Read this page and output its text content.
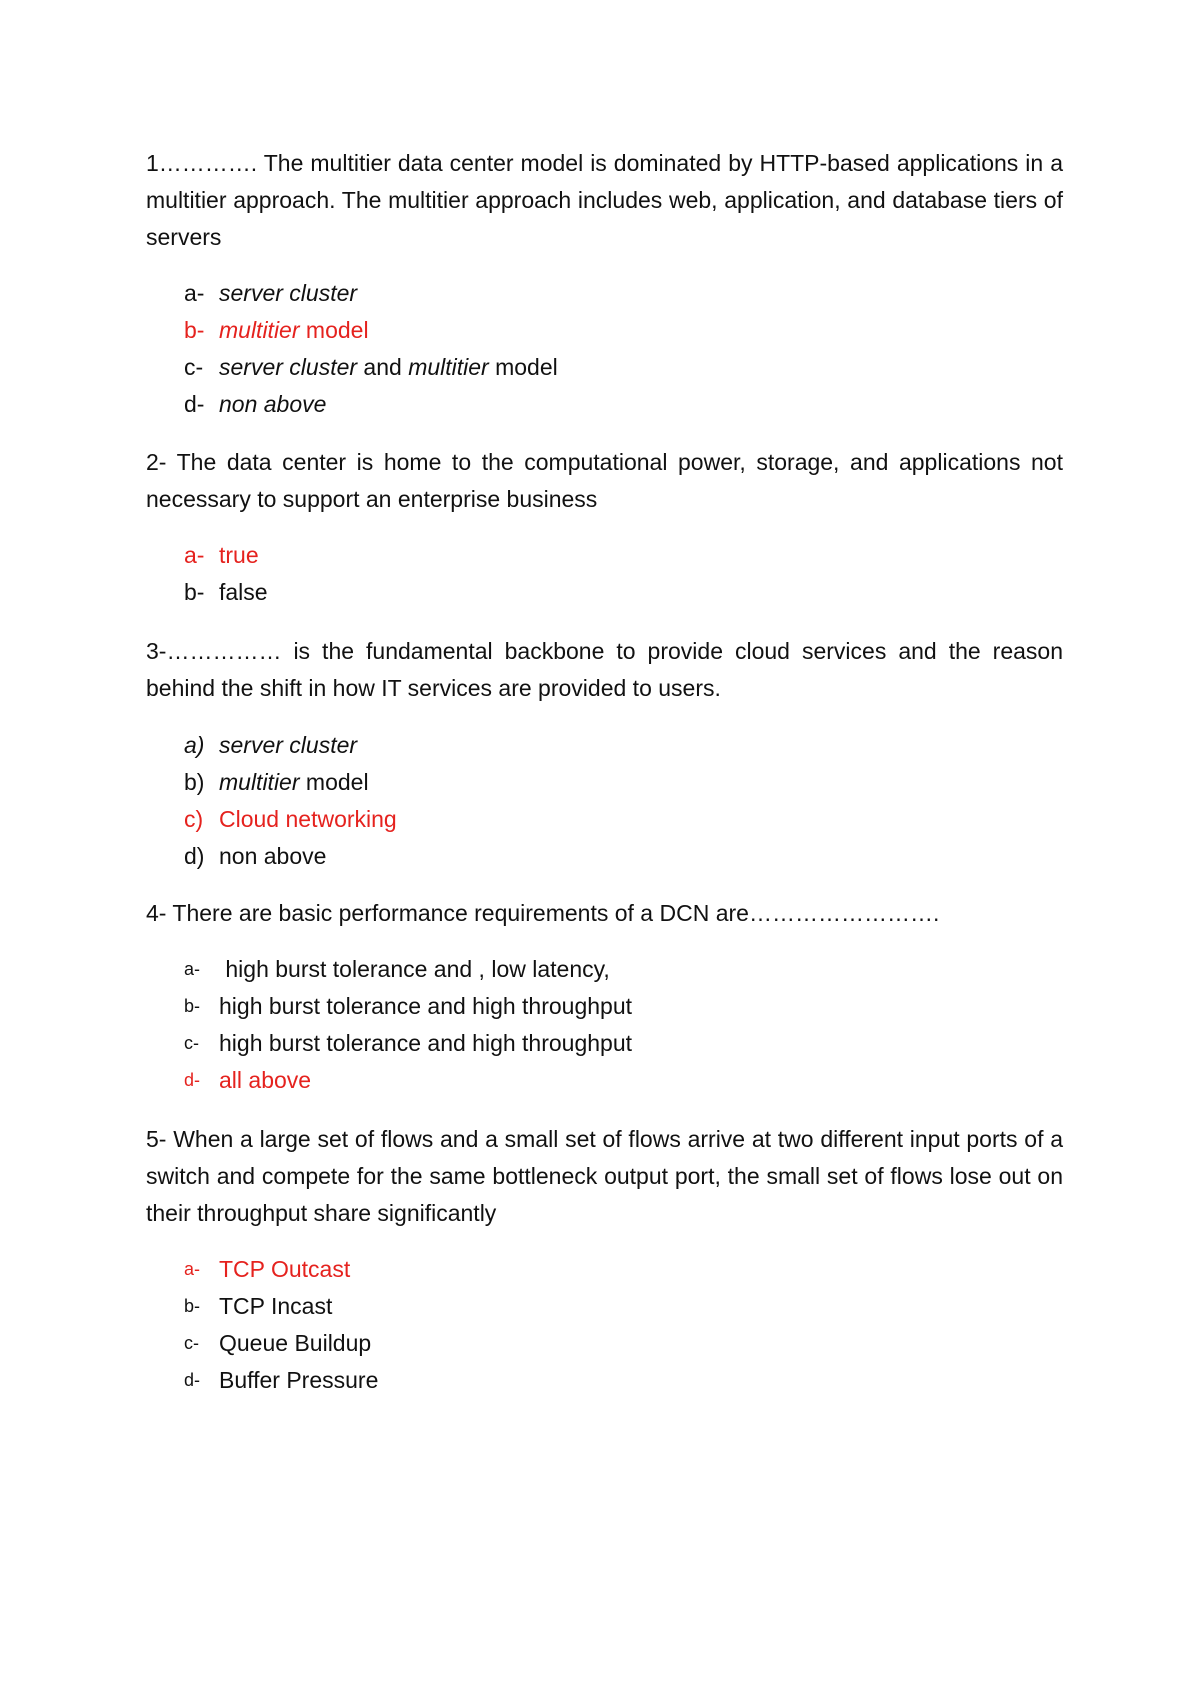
1…………. The multitier data center model is dominated by HTTP-based applications in a multitier approach. The multitier approach includes web, application, and database tiers of servers

a- server cluster
b- multitier model
c- server cluster and multitier model
d- non above

2- The data center is home to the computational power, storage, and applications not necessary to support an enterprise business

a- true
b- false

3-…………… is the fundamental backbone to provide cloud services and the reason behind the shift in how IT services are provided to users.

a) server cluster
b) multitier model
c) Cloud networking
d) non above

4- There are basic performance requirements of a DCN are…………………….

a- high burst tolerance and , low latency,
b- high burst tolerance and high throughput
c- high burst tolerance and high throughput
d- all above

5- When a large set of flows and a small set of flows arrive at two different input ports of a switch and compete for the same bottleneck output port, the small set of flows lose out on their throughput share significantly

a- TCP Outcast
b- TCP Incast
c- Queue Buildup
d- Buffer Pressure
